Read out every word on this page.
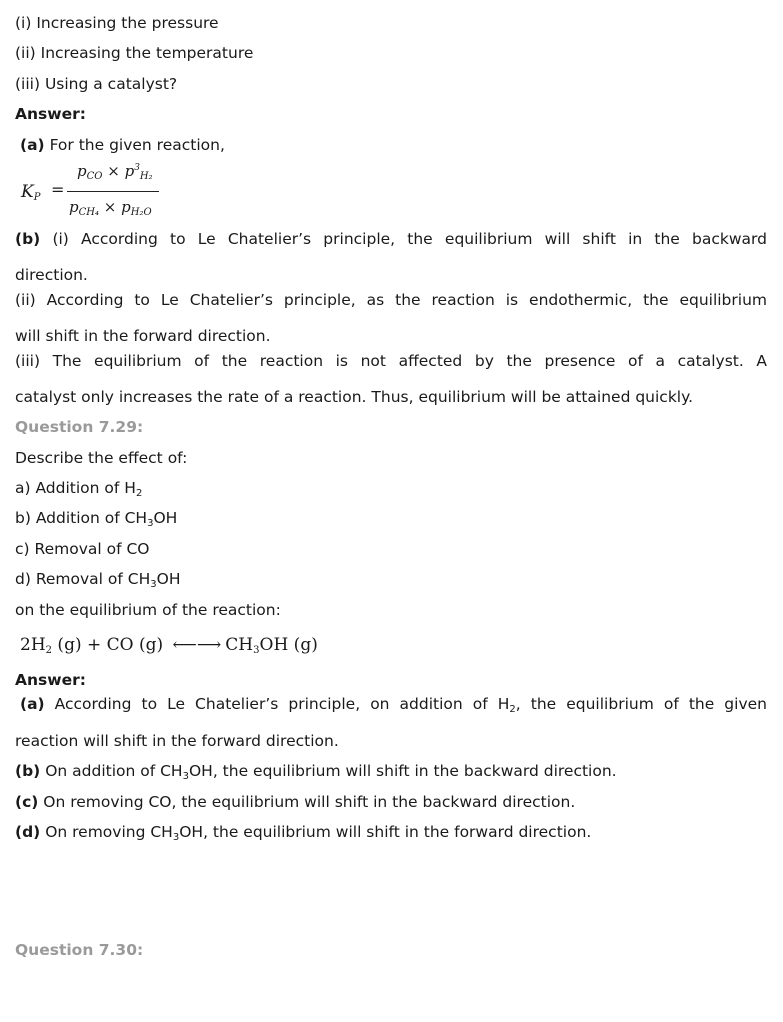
(i) Increasing the pressure
(ii) Increasing the temperature
(iii) Using a catalyst?
Answer:
(a) For the given reaction,
$K_P$ =
$p_{CO} \times p^3_{H_2}$
$p_{CH_4} \times p_{H_2O}$
(b) (i) According to Le Chatelier’s principle, the equilibrium will shift in the backward
direction.
(ii) According to Le Chatelier’s principle, as the reaction is endothermic, the equilibrium
will shift in the forward direction.
(iii) The equilibrium of the reaction is not affected by the presence of a catalyst. A
catalyst only increases the rate of a reaction. Thus, equilibrium will be attained quickly.
Question 7.29:
Describe the effect of:
a) Addition of $H_2$
b) Addition of $CH_3OH$
c) Removal of CO
d) Removal of $CH_3OH$
on the equilibrium of the reaction:
$2H_2$ (g) + CO (g) ⟵⟶ $CH_3OH$ (g)
Answer:
(a) According to Le Chatelier’s principle, on addition of $H_2$, the equilibrium of the given
reaction will shift in the forward direction.
(b) On addition of $CH_3OH$, the equilibrium will shift in the backward direction.
(c) On removing CO, the equilibrium will shift in the backward direction.
(d) On removing $CH_3OH$, the equilibrium will shift in the forward direction.
Question 7.30:
